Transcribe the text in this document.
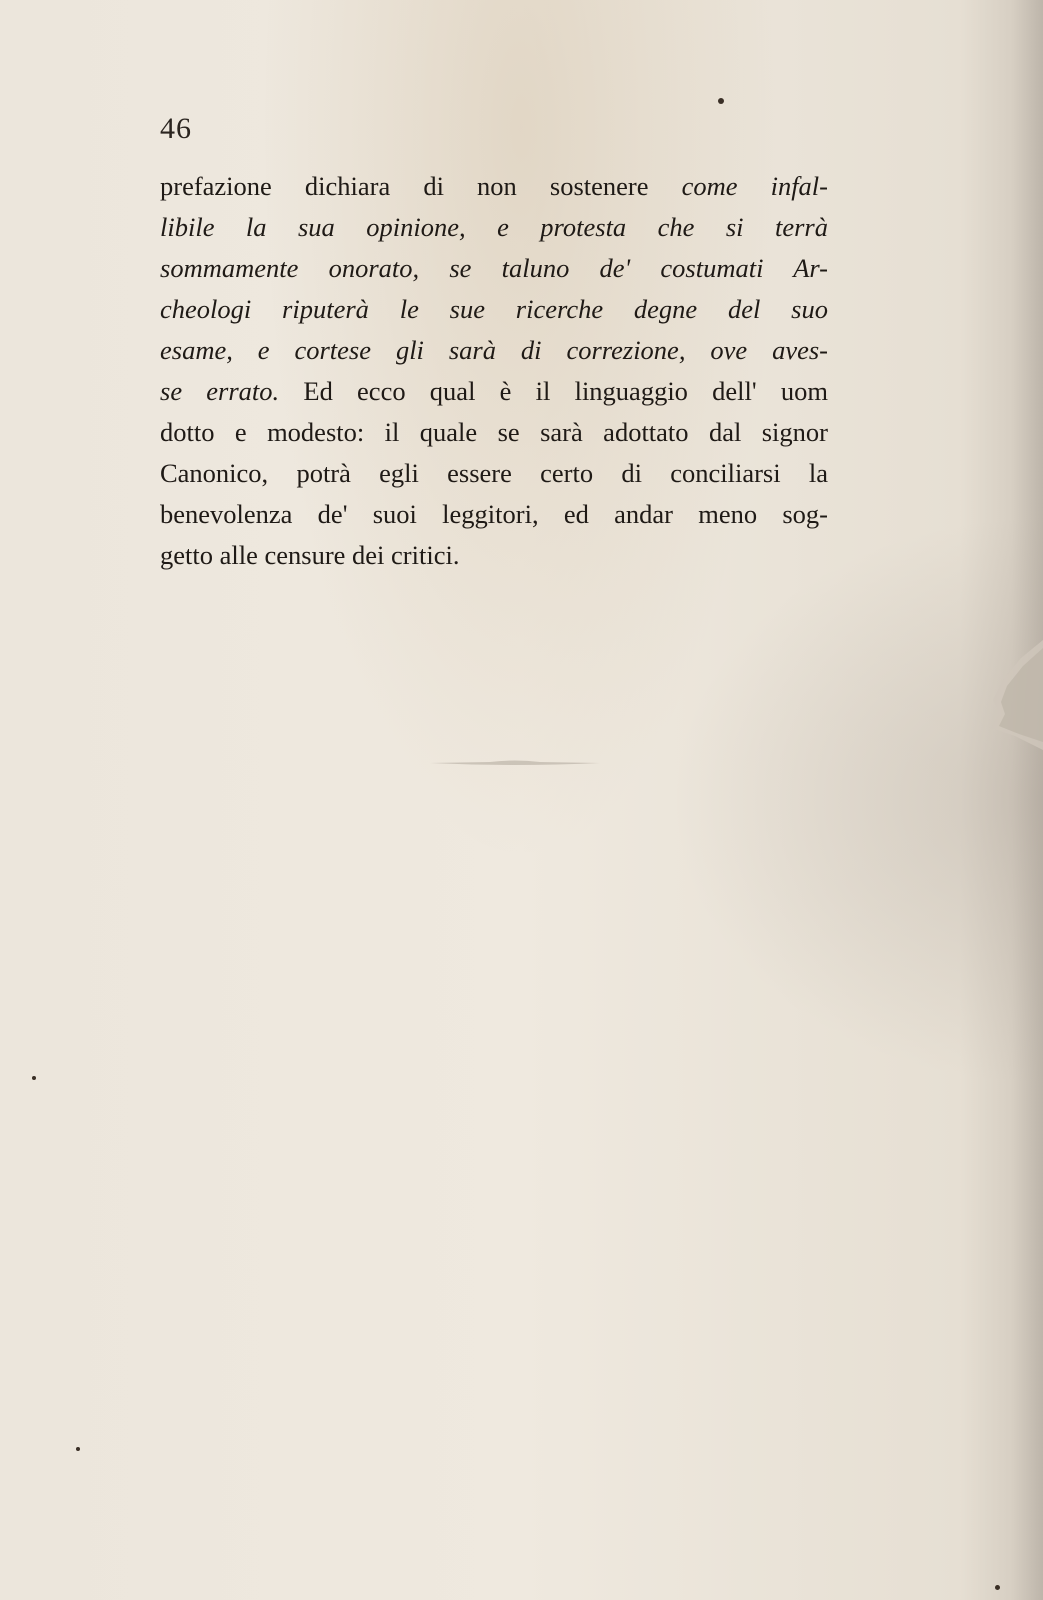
46
prefazione dichiara di non sostenere come infal-
libile la sua opinione, e protesta che si terrà
sommamente onorato, se taluno de' costumati Ar-
cheologi riputerà le sue ricerche degne del suo
esame, e cortese gli sarà di correzione, ove aves-
se errato. Ed ecco qual è il linguaggio dell' uom
dotto e modesto: il quale se sarà adottato dal signor
Canonico, potrà egli essere certo di conciliarsi la
benevolenza de' suoi leggitori, ed andar meno sog-
getto alle censure dei critici.
